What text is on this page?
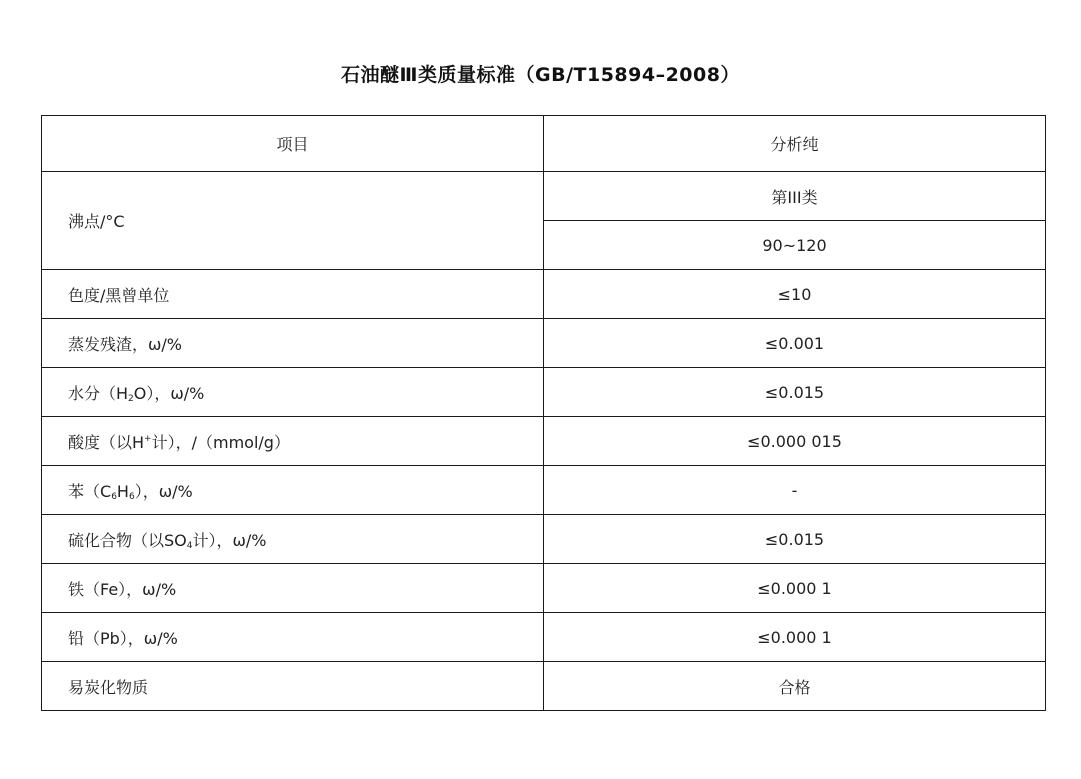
石油醚Ⅲ类质量标准（GB/T15894–2008）
项目	分析纯
沸点/°C	第III类
	90~120
色度/黑曾单位	≤10
蒸发残渣，ω/%	≤0.001
水分$(H_2O)$，ω/%	≤0.015
酸度（以H+计），/（mmol/g）	≤0.000 015
苯$(C_6H_6)$，ω/%	-
硫化合物（以$SO_4$计），ω/%	≤0.015
铁（Fe），ω/%	≤0.000 1
铅（Pb），ω/%	≤0.000 1
易炭化物质	合格
